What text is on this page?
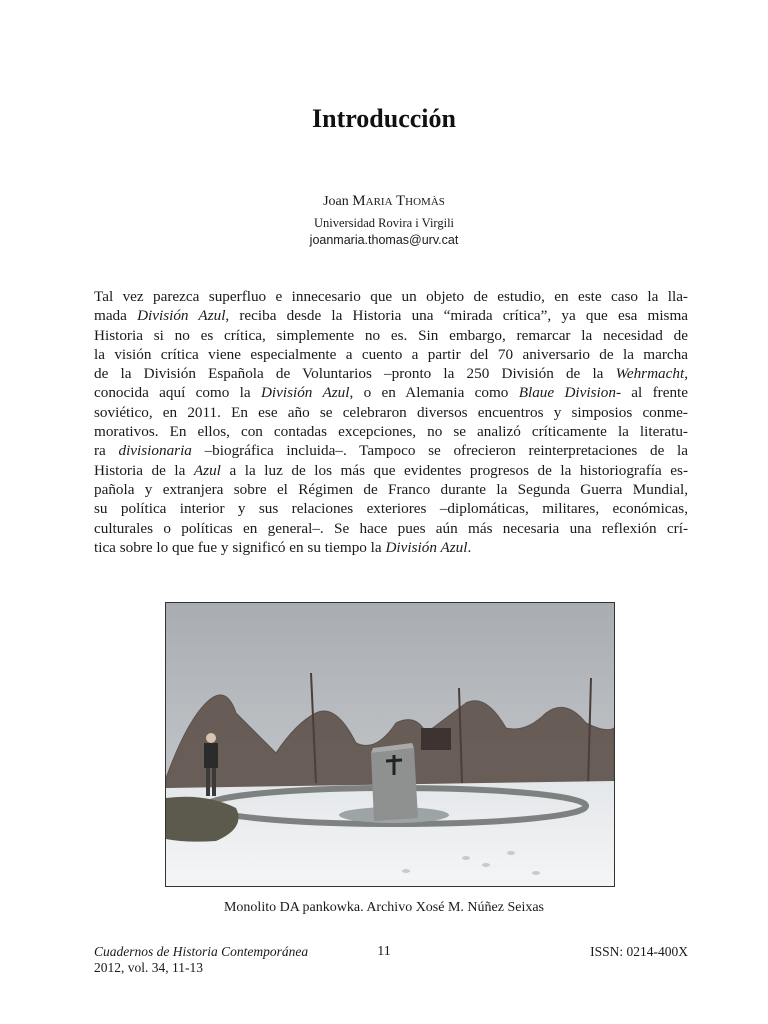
Introducción
Joan Maria Thomàs
Universidad Rovira i Virgili
joanmaria.thomas@urv.cat
Tal vez parezca superfluo e innecesario que un objeto de estudio, en este caso la lla-
mada División Azul, reciba desde la Historia una “mirada crítica”, ya que esa misma
Historia si no es crítica, simplemente no es. Sin embargo, remarcar la necesidad de
la visión crítica viene especialmente a cuento a partir del 70 aniversario de la marcha
de la División Española de Voluntarios –pronto la 250 División de la Wehrmacht,
conocida aquí como la División Azul, o en Alemania como Blaue Division- al frente
soviético, en 2011. En ese año se celebraron diversos encuentros y simposios conme-
morativos. En ellos, con contadas excepciones, no se analizó críticamente la literatu-
ra divisionaria –biográfica incluida–. Tampoco se ofrecieron reinterpretaciones de la
Historia de la Azul a la luz de los más que evidentes progresos de la historiografía es-
pañola y extranjera sobre el Régimen de Franco durante la Segunda Guerra Mundial,
su política interior y sus relaciones exteriores –diplomáticas, militares, económicas,
culturales o políticas en general–. Se hace pues aún más necesaria una reflexión crí-
tica sobre lo que fue y significó en su tiempo la División Azul.
Monolito DA pankowka. Archivo Xosé M. Núñez Seixas
Cuadernos de Historia Contemporánea
2012, vol. 34, 11-13
11	ISSN: 0214-400X
